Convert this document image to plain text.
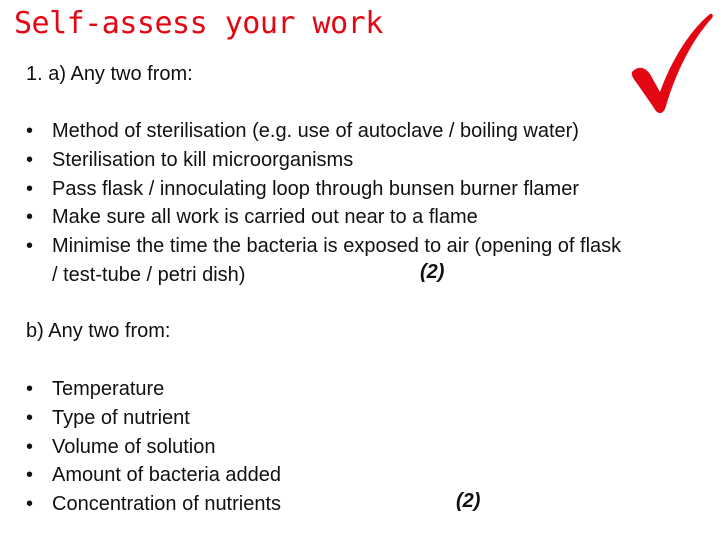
Self-assess your work
1. a) Any two from:
• Method of sterilisation (e.g. use of autoclave / boiling water)
• Sterilisation to kill microorganisms
• Pass flask / innoculating loop through bunsen burner flamer
• Make sure all work is carried out near to a flame
• Minimise the time the bacteria is exposed to air (opening of flask
/ test-tube / petri dish)	(2)
b) Any two from:
• Temperature
• Type of nutrient
• Volume of solution
• Amount of bacteria added
• Concentration of nutrients	(2)
